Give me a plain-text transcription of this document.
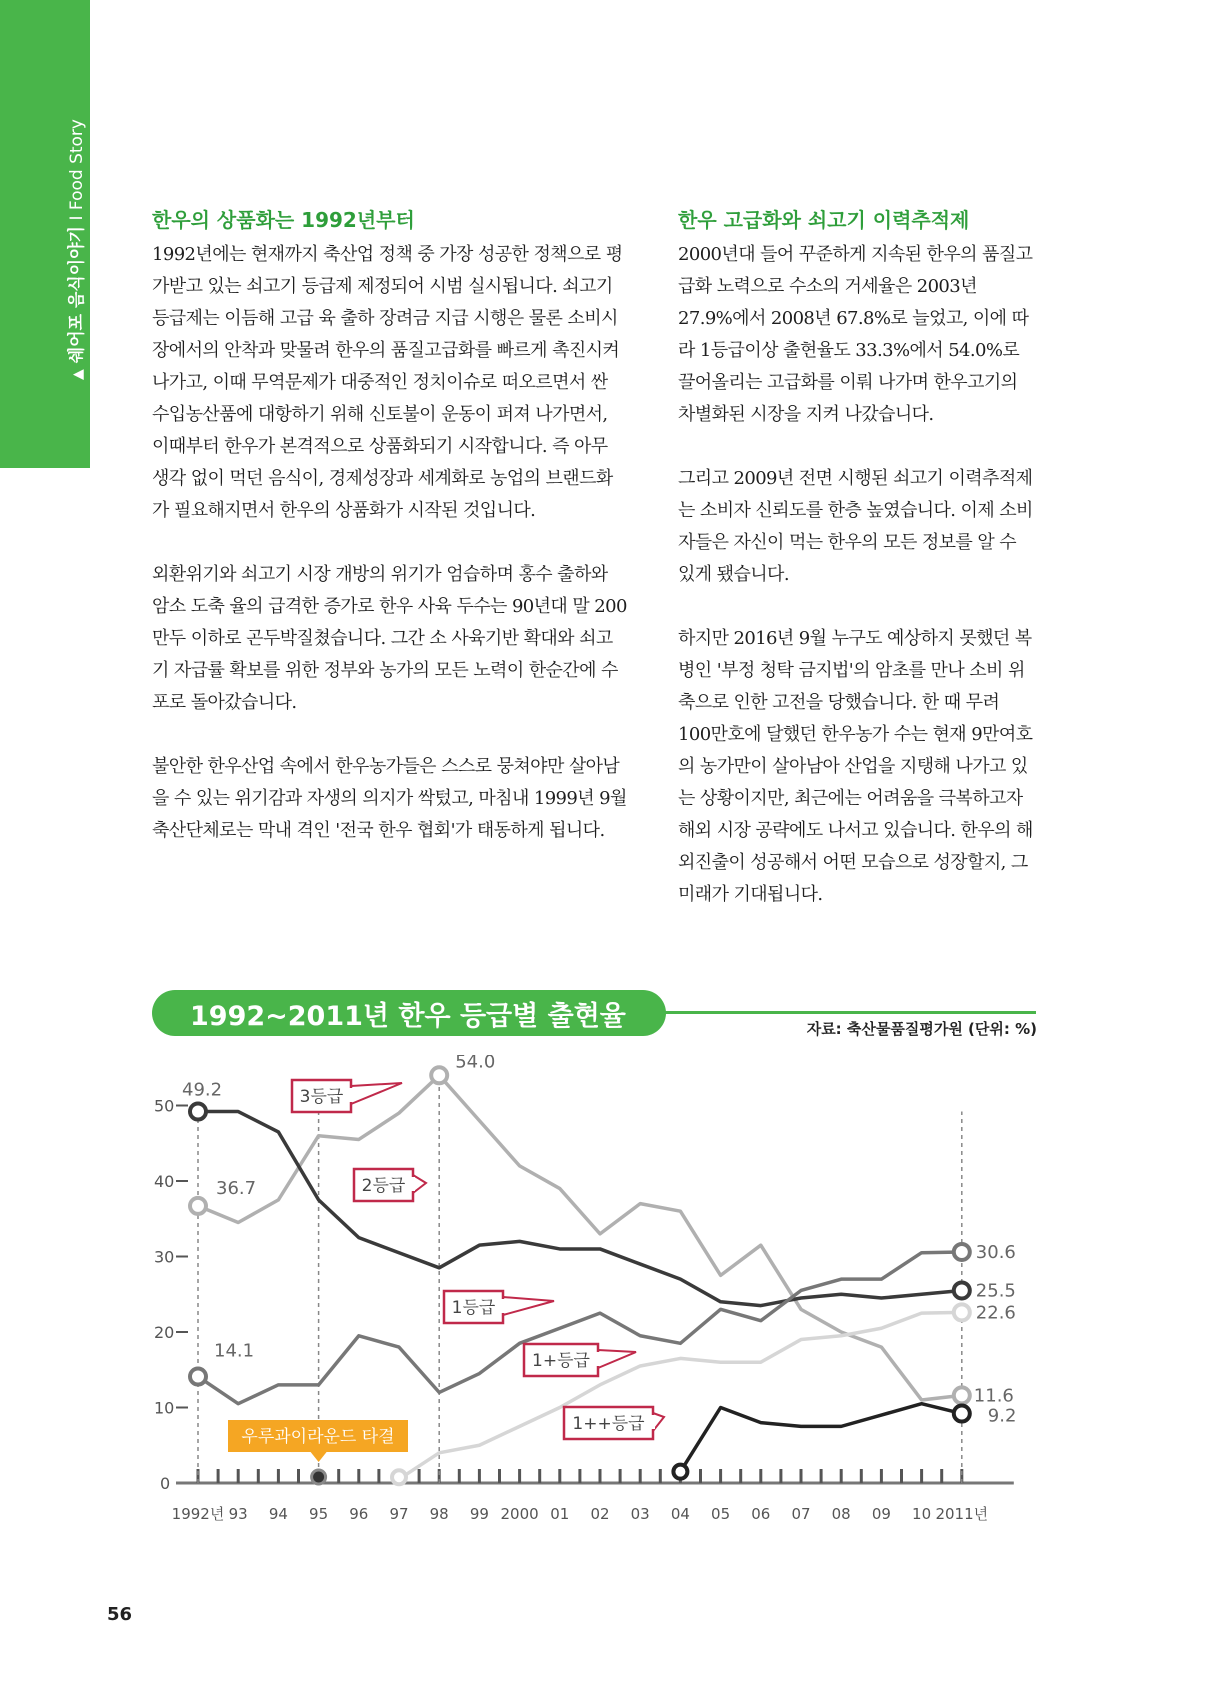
▲쉐어포 음식이야기 I Food Story
한우의 상품화는 1992년부터

1992년에는 현재까지 축산업 정책 중 가장 성공한 정책으로 평가받고 있는 쇠고기 등급제 제정되어 시범 실시됩니다. 쇠고기 등급제는 이듬해 고급 육 출하 장려금 지급 시행은 물론 소비시장에서의 안착과 맞물려 한우의 품질고급화를 빠르게 촉진시켜 나가고, 이때 무역문제가 대중적인 정치이슈로 떠오르면서 싼 수입농산품에 대항하기 위해 신토불이 운동이 퍼져 나가면서, 이때부터 한우가 본격적으로 상품화되기 시작합니다. 즉 아무 생각 없이 먹던 음식이, 경제성장과 세계화로 농업의 브랜드화가 필요해지면서 한우의 상품화가 시작된 것입니다.

외환위기와 쇠고기 시장 개방의 위기가 엄습하며 홍수 출하와 암소 도축 율의 급격한 증가로 한우 사육 두수는 90년대 말 200만두 이하로 곤두박질쳤습니다. 그간 소 사육기반 확대와 쇠고기 자급률 확보를 위한 정부와 농가의 모든 노력이 한순간에 수포로 돌아갔습니다.

불안한 한우산업 속에서 한우농가들은 스스로 뭉쳐야만 살아남을 수 있는 위기감과 자생의 의지가 싹텄고, 마침내 1999년 9월 축산단체로는 막내 격인 '전국 한우 협회'가 태동하게 됩니다.

한우 고급화와 쇠고기 이력추적제

2000년대 들어 꾸준하게 지속된 한우의 품질고급화 노력으로 수소의 거세율은 2003년 27.9%에서 2008년 67.8%로 늘었고, 이에 따라 1등급이상 출현율도 33.3%에서 54.0%로 끌어올리는 고급화를 이뤄 나가며 한우고기의 차별화된 시장을 지켜 나갔습니다.

그리고 2009년 전면 시행된 쇠고기 이력추적제는 소비자 신뢰도를 한층 높였습니다. 이제 소비자들은 자신이 먹는 한우의 모든 정보를 알 수 있게 됐습니다.

하지만 2016년 9월 누구도 예상하지 못했던 복병인 '부정 청탁 금지법'의 암초를 만나 소비 위축으로 인한 고전을 당했습니다. 한 때 무려 100만호에 달했던 한우농가 수는 현재 9만여호의 농가만이 살아남아 산업을 지탱해 나가고 있는 상황이지만, 최근에는 어려움을 극복하고자 해외 시장 공략에도 나서고 있습니다. 한우의 해외진출이 성공해서 어떤 모습으로 성장할지, 그 미래가 기대됩니다.

1992~2011년 한우 등급별 출현율	자료: 축산물품질평가원 (단위: %)
1992년 93 94 95 96 97 98 99 2000 01 02 03 04 05 06 07 08 09 10 2011년
0
10
20
30
40
50
36.7
54.0
11.6
49.2
25.5
14.1
30.6
22.6
9.2
3등급
2등급
1등급
1+등급
1++등급
우루과이라운드 타결
56
